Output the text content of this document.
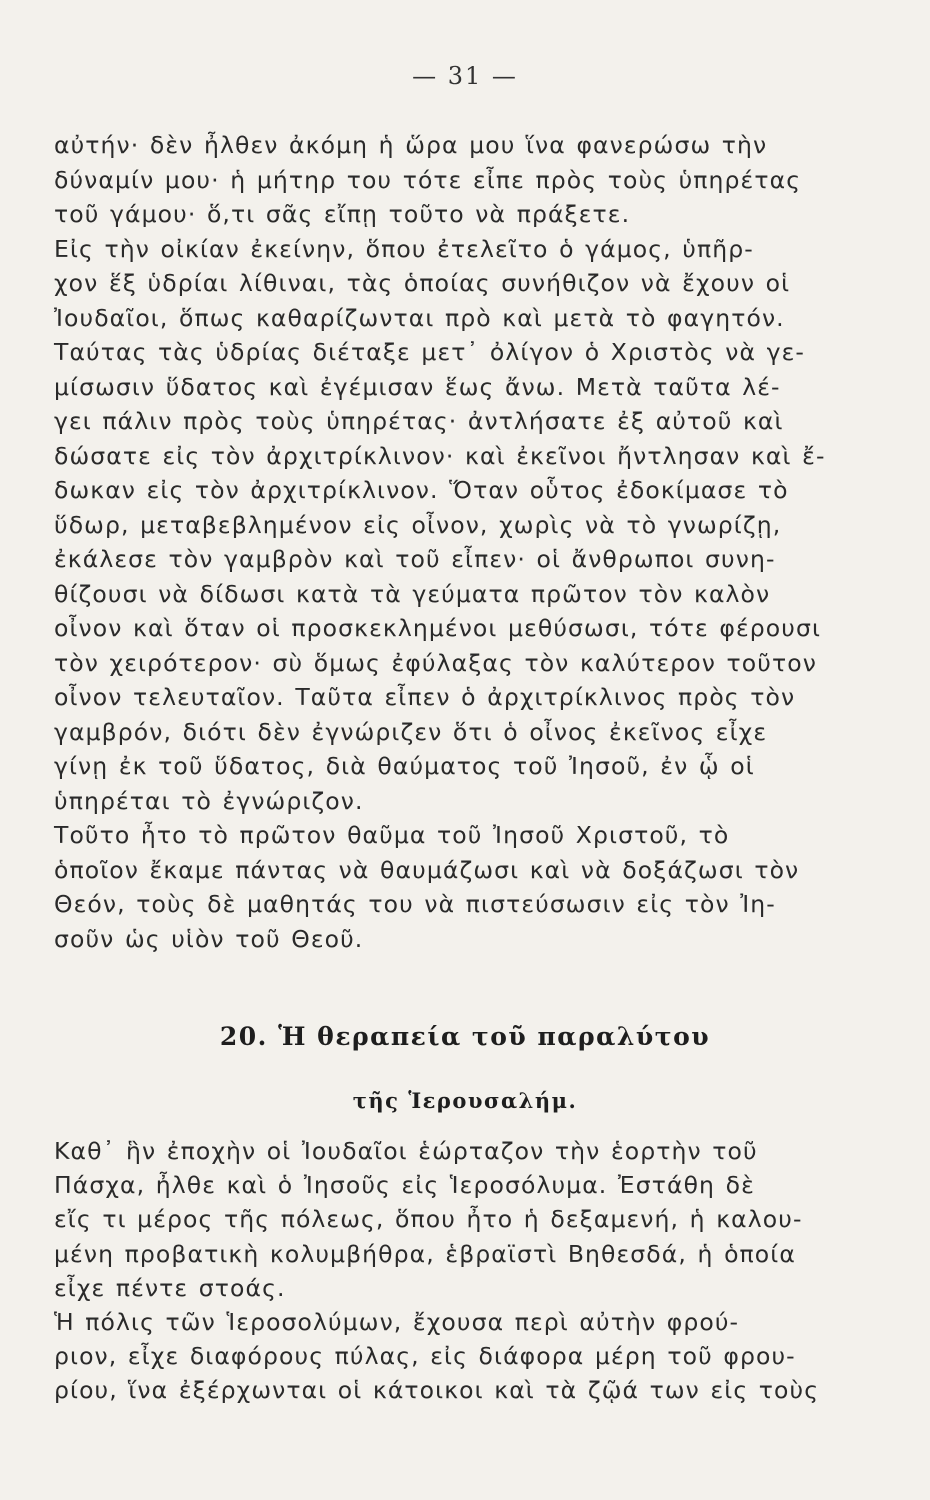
— 31 —
αὐτήν· δὲν ἦλθεν ἀκόμη ἡ ὥρα μου ἵνα φανερώσω τὴν
δύναμίν μου· ἡ μήτηρ του τότε εἶπε πρὸς τοὺς ὑπηρέτας
τοῦ γάμου· ὅ,τι σᾶς εἴπῃ τοῦτο νὰ πράξετε.
Εἰς τὴν οἰκίαν ἐκείνην, ὅπου ἐτελεῖτο ὁ γάμος, ὑπῆρ-
χον ἕξ ὑδρίαι λίθιναι, τὰς ὁποίας συνήθιζον νὰ ἔχουν οἱ
Ἰουδαῖοι, ὅπως καθαρίζωνται πρὸ καὶ μετὰ τὸ φαγητόν.
Ταύτας τὰς ὑδρίας διέταξε μετ᾽ ὀλίγον ὁ Χριστὸς νὰ γε-
μίσωσιν ὕδατος καὶ ἐγέμισαν ἕως ἄνω. Μετὰ ταῦτα λέ-
γει πάλιν πρὸς τοὺς ὑπηρέτας· ἀντλήσατε ἐξ αὐτοῦ καὶ
δώσατε εἰς τὸν ἀρχιτρίκλινον· καὶ ἐκεῖνοι ἤντλησαν καὶ ἔ-
δωκαν εἰς τὸν ἀρχιτρίκλινον. Ὅταν οὗτος ἐδοκίμασε τὸ
ὕδωρ, μεταβεβλημένον εἰς οἶνον, χωρὶς νὰ τὸ γνωρίζῃ,
ἐκάλεσε τὸν γαμβρὸν καὶ τοῦ εἶπεν· οἱ ἄνθρωποι συνη-
θίζουσι νὰ δίδωσι κατὰ τὰ γεύματα πρῶτον τὸν καλὸν
οἶνον καὶ ὅταν οἱ προσκεκλημένοι μεθύσωσι, τότε φέρουσι
τὸν χειρότερον· σὺ ὅμως ἐφύλαξας τὸν καλύτερον τοῦτον
οἶνον τελευταῖον. Ταῦτα εἶπεν ὁ ἀρχιτρίκλινος πρὸς τὸν
γαμβρόν, διότι δὲν ἐγνώριζεν ὅτι ὁ οἶνος ἐκεῖνος εἶχε
γίνῃ ἐκ τοῦ ὕδατος, διὰ θαύματος τοῦ Ἰησοῦ, ἐν ᾧ οἱ
ὑπηρέται τὸ ἐγνώριζον.
Τοῦτο ἦτο τὸ πρῶτον θαῦμα τοῦ Ἰησοῦ Χριστοῦ, τὸ
ὁποῖον ἔκαμε πάντας νὰ θαυμάζωσι καὶ νὰ δοξάζωσι τὸν
Θεόν, τοὺς δὲ μαθητάς του νὰ πιστεύσωσιν εἰς τὸν Ἰη-
σοῦν ὡς υἱὸν τοῦ Θεοῦ.
20. Ἡ θεραπεία τοῦ παραλύτου
τῆς Ἱερουσαλήμ.
Καθ᾽ ἣν ἐποχὴν οἱ Ἰουδαῖοι ἑώρταζον τὴν ἑορτὴν τοῦ
Πάσχα, ἦλθε καὶ ὁ Ἰησοῦς εἰς Ἱεροσόλυμα. Ἐστάθη δὲ
εἴς τι μέρος τῆς πόλεως, ὅπου ἦτο ἡ δεξαμενή, ἡ καλου-
μένη προβατικὴ κολυμβήθρα, ἑβραϊστὶ Βηθεσδά, ἡ ὁποία
εἶχε πέντε στοάς.
Ἡ πόλις τῶν Ἱεροσολύμων, ἔχουσα περὶ αὐτὴν φρού-
ριον, εἶχε διαφόρους πύλας, εἰς διάφορα μέρη τοῦ φρου-
ρίου, ἵνα ἐξέρχωνται οἱ κάτοικοι καὶ τὰ ζῷά των εἰς τοὺς
